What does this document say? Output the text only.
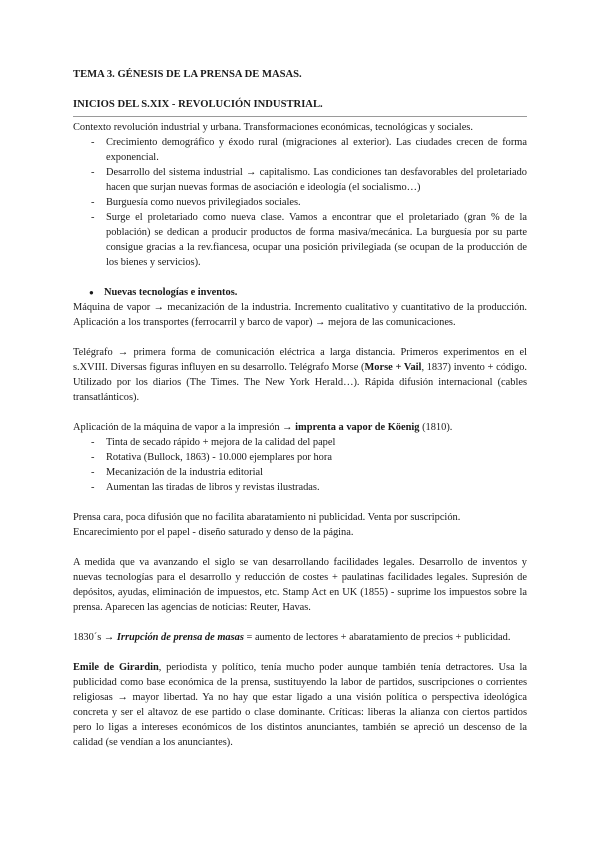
TEMA 3. GÉNESIS DE LA PRENSA DE MASAS.
INICIOS DEL S.XIX - REVOLUCIÓN INDUSTRIAL.

Contexto revolución industrial y urbana. Transformaciones económicas, tecnológicas y sociales.

- Crecimiento demográfico y éxodo rural (migraciones al exterior). Las ciudades crecen de forma exponencial.
- Desarrollo del sistema industrial → capitalismo. Las condiciones tan desfavorables del proletariado hacen que surjan nuevas formas de asociación e ideología (el socialismo…)
- Burguesía como nuevos privilegiados sociales.
- Surge el proletariado como nueva clase. Vamos a encontrar que el proletariado (gran % de la población) se dedican a producir productos de forma masiva/mecánica. La burguesía por su parte consigue gracias a la rev.fiancesa, ocupar una posición privilegiada (se ocupan de la producción de los bienes y servicios).
● Nuevas tecnologías e inventos.

Máquina de vapor → mecanización de la industria. Incremento cualitativo y cuantitativo de la producción. Aplicación a los transportes (ferrocarril y barco de vapor) → mejora de las comunicaciones.

Telégrafo → primera forma de comunicación eléctrica a larga distancia. Primeros experimentos en el s.XVIII. Diversas figuras influyen en su desarrollo. Telégrafo Morse (Morse + Vail, 1837) invento + código. Utilizado por los diarios (The Times. The New York Herald…). Rápida difusión internacional (cables transatlánticos).

Aplicación de la máquina de vapor a la impresión → imprenta a vapor de Köenig (1810).

- Tinta de secado rápido + mejora de la calidad del papel
- Rotativa (Bullock, 1863) - 10.000 ejemplares por hora
- Mecanización de la industria editorial
- Aumentan las tiradas de libros y revistas ilustradas.

Prensa cara, poca difusión que no facilita abaratamiento ni publicidad. Venta por suscripción.

Encarecimiento por el papel - diseño saturado y denso de la página.

A medida que va avanzando el siglo se van desarrollando facilidades legales. Desarrollo de inventos y nuevas tecnologías para el desarrollo y reducción de costes + paulatinas facilidades legales. Supresión de depósitos, ayudas, eliminación de impuestos, etc. Stamp Act en UK (1855) - suprime los impuestos sobre la prensa. Aparecen las agencias de noticias: Reuter, Havas.

1830´s → Irrupción de prensa de masas = aumento de lectores + abaratamiento de precios + publicidad.

Emile de Girardin, periodista y político, tenía mucho poder aunque también tenía detractores. Usa la publicidad como base económica de la prensa, sustituyendo la labor de partidos, suscripciones o corrientes religiosas → mayor libertad. Ya no hay que estar ligado a una visión política o perspectiva ideológica concreta y ser el altavoz de ese partido o clase dominante. Críticas: liberas la alianza con ciertos partidos pero lo ligas a intereses económicos de los distintos anunciantes, también se apreció un descenso de la calidad (se vendían a los anunciantes).
